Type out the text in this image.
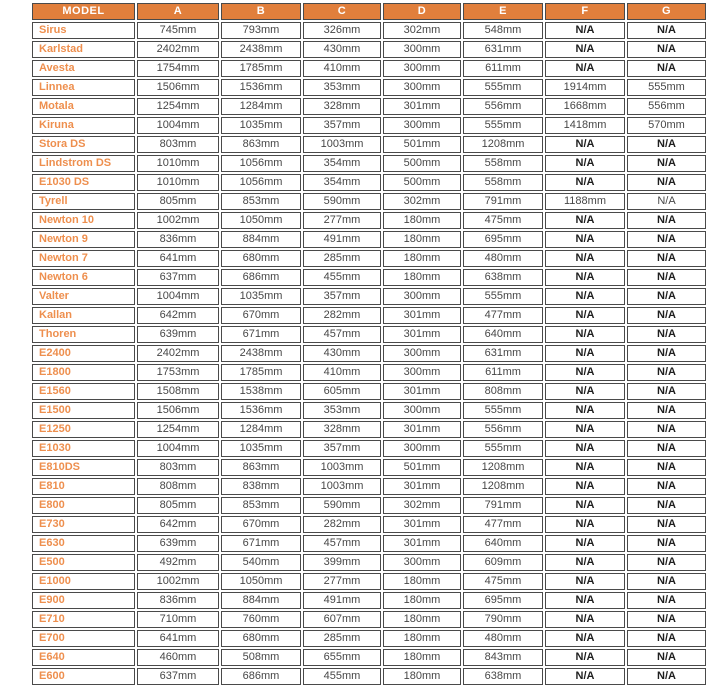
MODEL	A	B	C	D	E	F	G
Sirus	745mm	793mm	326mm	302mm	548mm	N/A	N/A
Karlstad	2402mm	2438mm	430mm	300mm	631mm	N/A	N/A
Avesta	1754mm	1785mm	410mm	300mm	611mm	N/A	N/A
Linnea	1506mm	1536mm	353mm	300mm	555mm	1914mm	555mm
Motala	1254mm	1284mm	328mm	301mm	556mm	1668mm	556mm
Kiruna	1004mm	1035mm	357mm	300mm	555mm	1418mm	570mm
Stora DS	803mm	863mm	1003mm	501mm	1208mm	N/A	N/A
Lindstrom DS	1010mm	1056mm	354mm	500mm	558mm	N/A	N/A
E1030 DS	1010mm	1056mm	354mm	500mm	558mm	N/A	N/A
Tyrell	805mm	853mm	590mm	302mm	791mm	1188mm	N/A
Newton 10	1002mm	1050mm	277mm	180mm	475mm	N/A	N/A
Newton 9	836mm	884mm	491mm	180mm	695mm	N/A	N/A
Newton 7	641mm	680mm	285mm	180mm	480mm	N/A	N/A
Newton 6	637mm	686mm	455mm	180mm	638mm	N/A	N/A
Valter	1004mm	1035mm	357mm	300mm	555mm	N/A	N/A
Kallan	642mm	670mm	282mm	301mm	477mm	N/A	N/A
Thoren	639mm	671mm	457mm	301mm	640mm	N/A	N/A
E2400	2402mm	2438mm	430mm	300mm	631mm	N/A	N/A
E1800	1753mm	1785mm	410mm	300mm	611mm	N/A	N/A
E1560	1508mm	1538mm	605mm	301mm	808mm	N/A	N/A
E1500	1506mm	1536mm	353mm	300mm	555mm	N/A	N/A
E1250	1254mm	1284mm	328mm	301mm	556mm	N/A	N/A
E1030	1004mm	1035mm	357mm	300mm	555mm	N/A	N/A
E810DS	803mm	863mm	1003mm	501mm	1208mm	N/A	N/A
E810	808mm	838mm	1003mm	301mm	1208mm	N/A	N/A
E800	805mm	853mm	590mm	302mm	791mm	N/A	N/A
E730	642mm	670mm	282mm	301mm	477mm	N/A	N/A
E630	639mm	671mm	457mm	301mm	640mm	N/A	N/A
E500	492mm	540mm	399mm	300mm	609mm	N/A	N/A
E1000	1002mm	1050mm	277mm	180mm	475mm	N/A	N/A
E900	836mm	884mm	491mm	180mm	695mm	N/A	N/A
E710	710mm	760mm	607mm	180mm	790mm	N/A	N/A
E700	641mm	680mm	285mm	180mm	480mm	N/A	N/A
E640	460mm	508mm	655mm	180mm	843mm	N/A	N/A
E600	637mm	686mm	455mm	180mm	638mm	N/A	N/A
